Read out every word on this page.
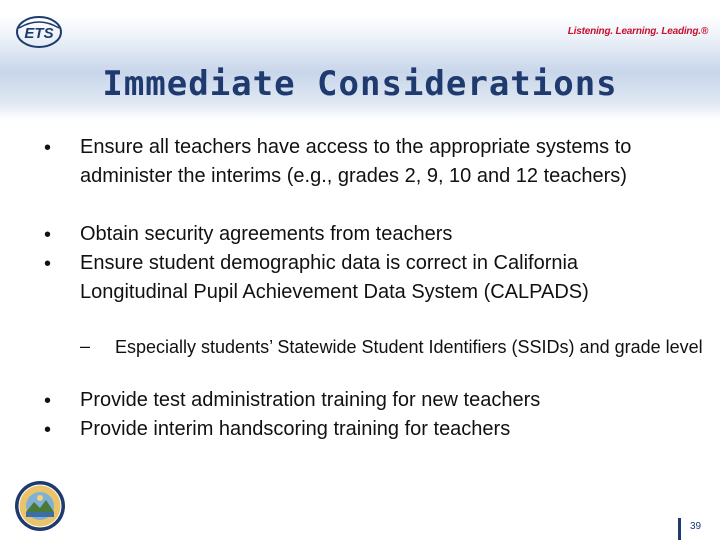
ETS	Listening. Learning. Leading.®
Immediate Considerations
• Ensure all teachers have access to the appropriate systems to administer the interims (e.g., grades 2, 9, 10 and 12 teachers)
• Obtain security agreements from teachers
• Ensure student demographic data is correct in California Longitudinal Pupil Achievement Data System (CALPADS)
– Especially students’ Statewide Student Identifiers (SSIDs) and grade level
• Provide test administration training for new teachers
• Provide interim handscoring training for teachers
39
